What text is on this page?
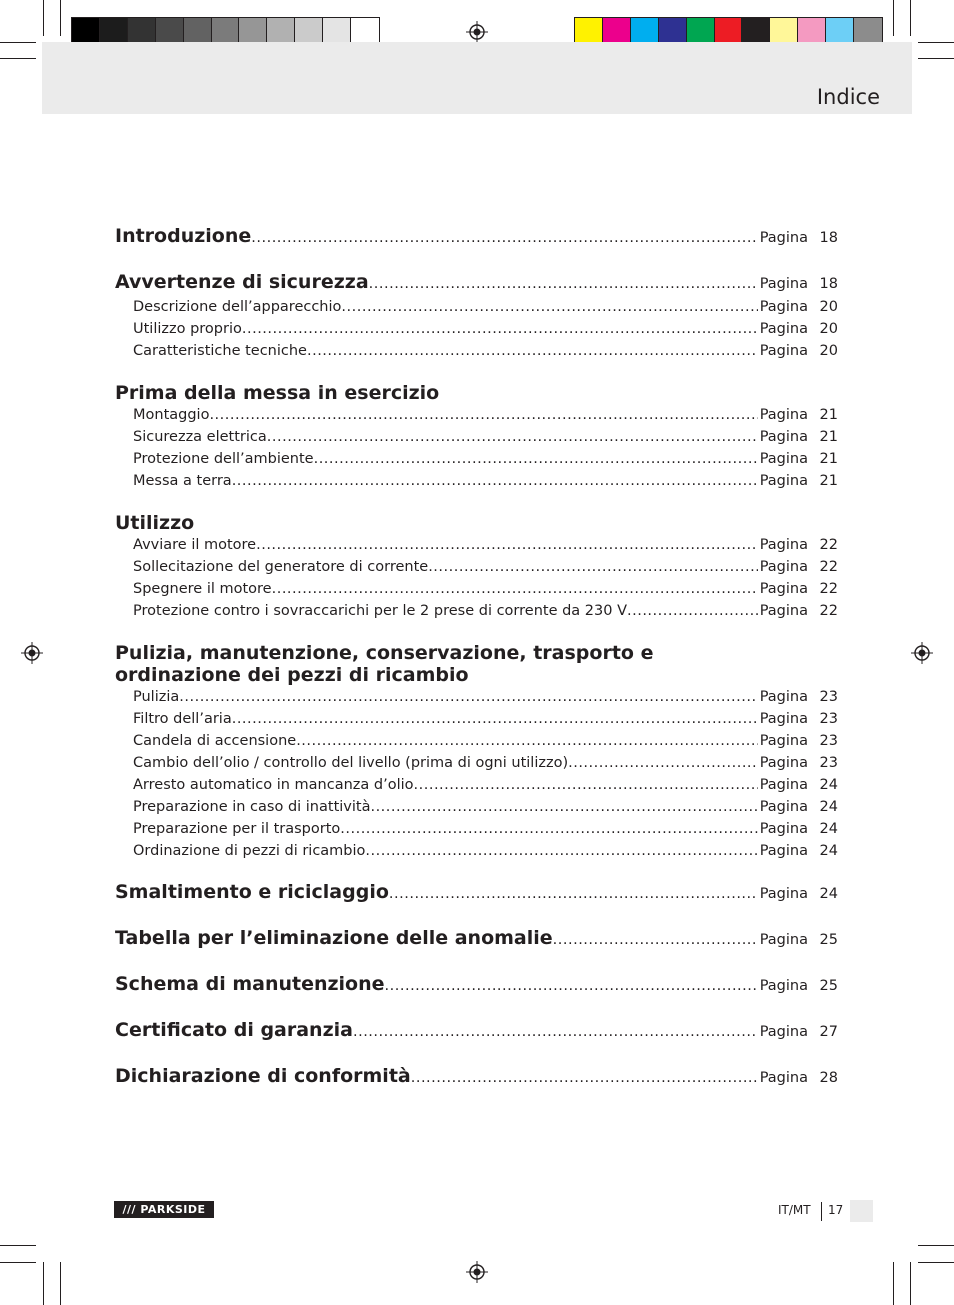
Indice
Introduzione .....	Pagina 18
Avvertenze di sicurezza .....	Pagina 18
Descrizione dell’apparecchio .....	Pagina 20
Utilizzo proprio .....	Pagina 20
Caratteristiche tecniche .....	Pagina 20
Prima della messa in esercizio
Montaggio .....	Pagina 21
Sicurezza elettrica .....	Pagina 21
Protezione dell’ambiente .....	Pagina 21
Messa a terra .....	Pagina 21
Utilizzo
Avviare il motore .....	Pagina 22
Sollecitazione del generatore di corrente .....	Pagina 22
Spegnere il motore .....	Pagina 22
Protezione contro i sovraccarichi per le 2 prese di corrente da 230 V .....	Pagina 22
Pulizia, manutenzione, conservazione, trasporto e
ordinazione dei pezzi di ricambio
Pulizia .....	Pagina 23
Filtro dell’aria .....	Pagina 23
Candela di accensione .....	Pagina 23
Cambio dell’olio / controllo del livello (prima di ogni utilizzo) .....	Pagina 23
Arresto automatico in mancanza d’olio .....	Pagina 24
Preparazione in caso di inattività .....	Pagina 24
Preparazione per il trasporto .....	Pagina 24
Ordinazione di pezzi di ricambio .....	Pagina 24
Smaltimento e riciclaggio .....	Pagina 24
Tabella per l’eliminazione delle anomalie .....	Pagina 25
Schema di manutenzione .....	Pagina 25
Certificato di garanzia .....	Pagina 27
Dichiarazione di conformità .....	Pagina 28
/// PARKSIDE	IT/MT 17
